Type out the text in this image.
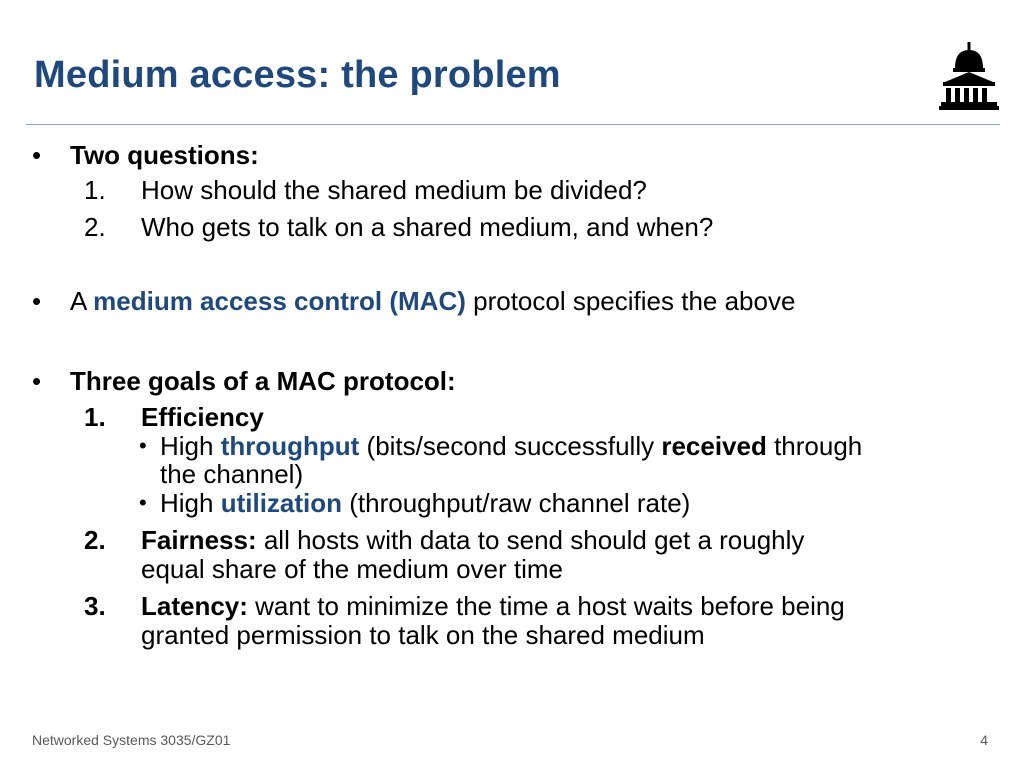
Medium access: the problem
• Two questions:
1. How should the shared medium be divided?
2. Who gets to talk on a shared medium, and when?
• A medium access control (MAC) protocol specifies the above
• Three goals of a MAC protocol:
1. Efficiency
• High throughput (bits/second successfully received through
the channel)
• High utilization (throughput/raw channel rate)
2. Fairness: all hosts with data to send should get a roughly
equal share of the medium over time
3. Latency: want to minimize the time a host waits before being
granted permission to talk on the shared medium
Networked Systems 3035/GZ01	4
